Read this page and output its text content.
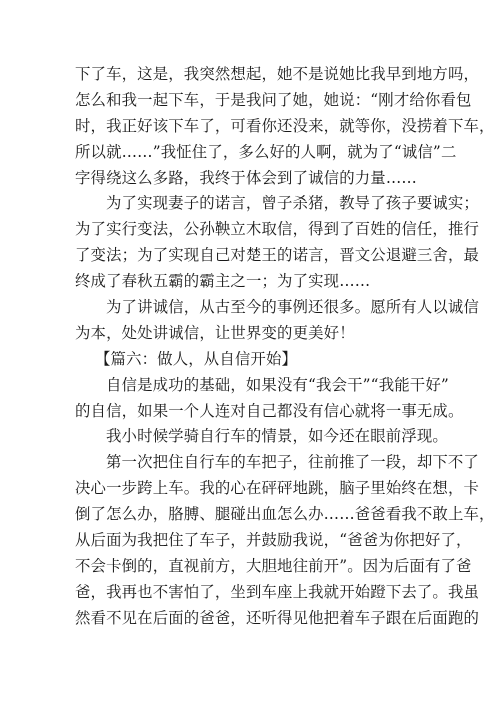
下了车，这是，我突然想起，她不是说她比我早到地方吗，
怎么和我一起下车，于是我问了她，她说：“刚才给你看包
时，我正好该下车了，可看你还没来，就等你，没捞着下车，
所以就……”我怔住了，多么好的人啊，就为了“诚信”二
字得绕这么多路，我终于体会到了诚信的力量……
为了实现妻子的诺言，曾子杀猪，教导了孩子要诚实；
为了实行变法，公孙鞅立木取信，得到了百姓的信任，推行
了变法；为了实现自己对楚王的诺言，晋文公退避三舍，最
终成了春秋五霸的霸主之一；为了实现……
为了讲诚信，从古至今的事例还很多。愿所有人以诚信
为本，处处讲诚信，让世界变的更美好！
【篇六：做人，从自信开始】
自信是成功的基础，如果没有“我会干”“我能干好”
的自信，如果一个人连对自己都没有信心就将一事无成。
我小时候学骑自行车的情景，如今还在眼前浮现。
第一次把住自行车的车把子，往前推了一段，却下不了
决心一步跨上车。我的心在砰砰地跳，脑子里始终在想，卡
倒了怎么办，胳膊、腿碰出血怎么办……爸爸看我不敢上车，
从后面为我把住了车子，并鼓励我说，“爸爸为你把好了，
不会卡倒的，直视前方，大胆地往前开”。因为后面有了爸
爸，我再也不害怕了，坐到车座上我就开始蹬下去了。我虽
然看不见在后面的爸爸，还听得见他把着车子跟在后面跑的
